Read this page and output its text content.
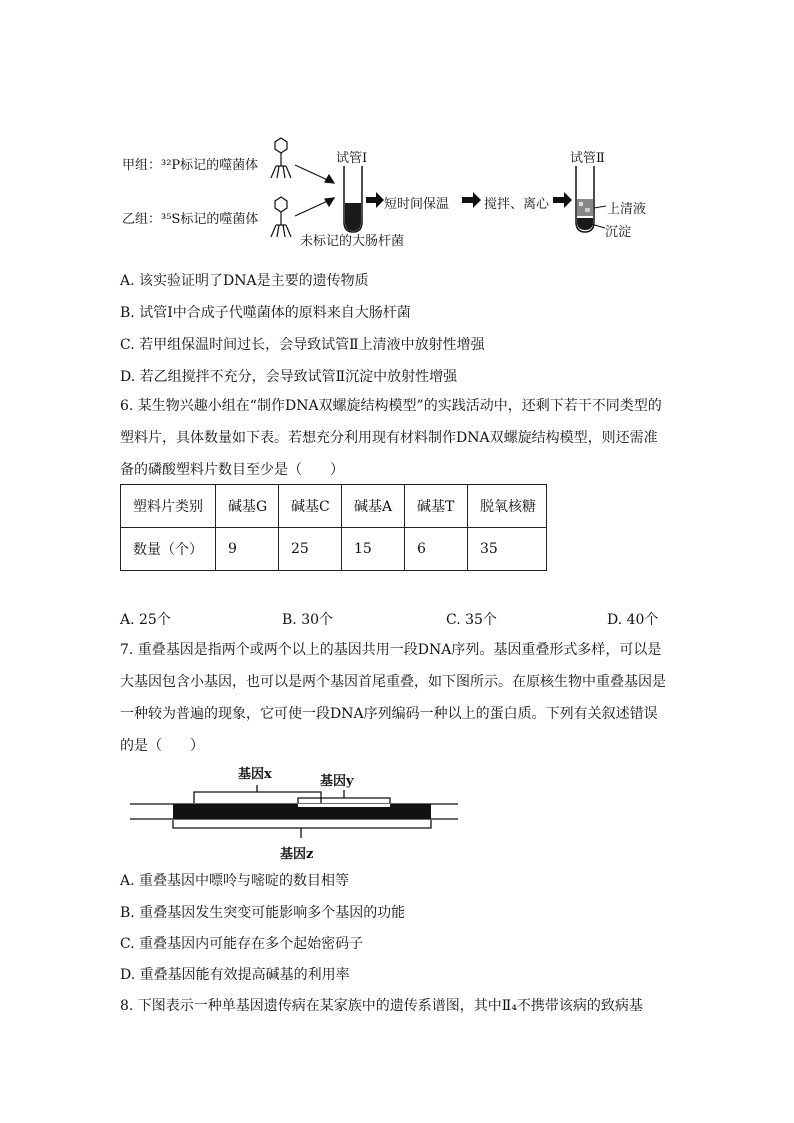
甲组：³²P标记的噬菌体
乙组：³⁵S标记的噬菌体
试管Ⅰ	试管Ⅱ
未标记的大肠杆菌
短时间保温	搅拌、离心	上清液
沉淀
A. 该实验证明了DNA是主要的遗传物质
B. 试管Ⅰ中合成子代噬菌体的原料来自大肠杆菌
C. 若甲组保温时间过长，会导致试管Ⅱ上清液中放射性增强
D. 若乙组搅拌不充分，会导致试管Ⅱ沉淀中放射性增强
6. 某生物兴趣小组在“制作DNA双螺旋结构模型”的实践活动中，还剩下若干不同类型的
塑料片，具体数量如下表。若想充分利用现有材料制作DNA双螺旋结构模型，则还需准
备的磷酸塑料片数目至少是（　　）
塑料片类别	碱基G	碱基C	碱基A	碱基T	脱氧核糖
数量（个）	9	25	15	6	35
A. 25个	B. 30个	C. 35个	D. 40个
7. 重叠基因是指两个或两个以上的基因共用一段DNA序列。基因重叠形式多样，可以是
大基因包含小基因，也可以是两个基因首尾重叠，如下图所示。在原核生物中重叠基因是
一种较为普遍的现象，它可使一段DNA序列编码一种以上的蛋白质。下列有关叙述错误
的是（　　）
基因x	基因y
基因z
A. 重叠基因中嘌呤与嘧啶的数目相等
B. 重叠基因发生突变可能影响多个基因的功能
C. 重叠基因内可能存在多个起始密码子
D. 重叠基因能有效提高碱基的利用率
8. 下图表示一种单基因遗传病在某家族中的遗传系谱图，其中Ⅱ₄不携带该病的致病基
